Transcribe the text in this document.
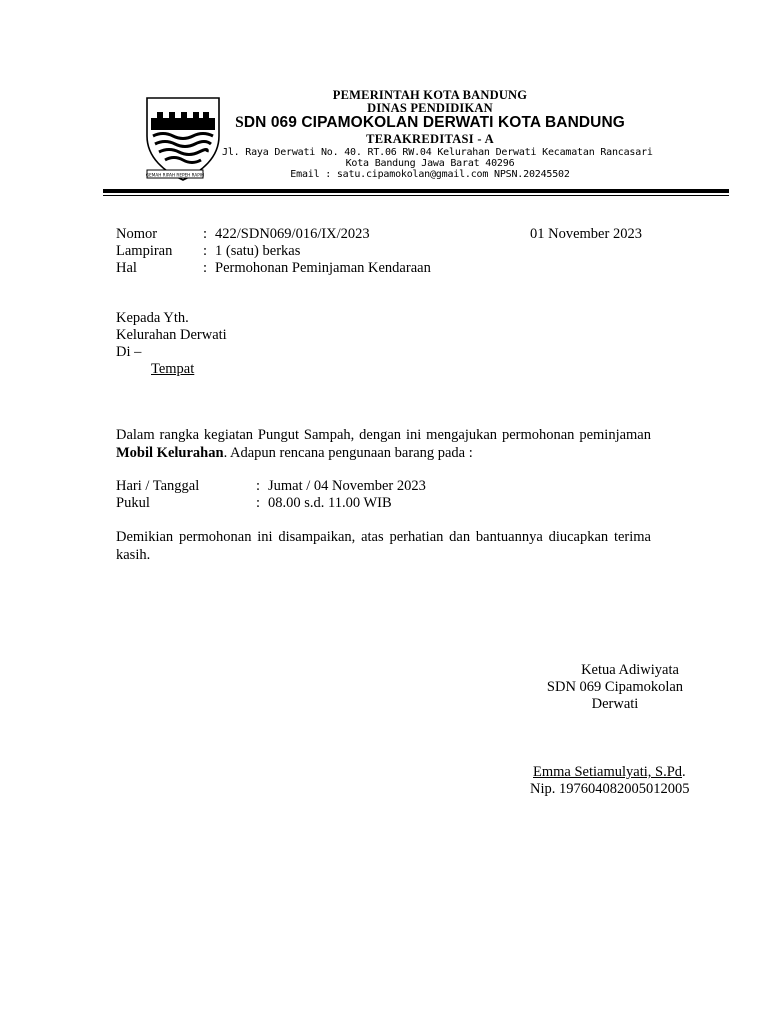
GEMAH RIPAH REPEH RAPIH
PEMERINTAH KOTA BANDUNG
DINAS PENDIDIKAN
SDN 069 CIPAMOKOLAN DERWATI KOTA BANDUNG
TERAKREDITASI - A
Jl. Raya Derwati No. 40. RT.06 RW.04 Kelurahan Derwati Kecamatan Rancasari
Kota Bandung Jawa Barat 40296
Email : satu.cipamokolan@gmail.com NPSN.20245502
Nomor	: 422/SDN069/016/IX/2023	01 November 2023
Lampiran : 1 (satu) berkas
Hal	: Permohonan Peminjaman Kendaraan
Kepada Yth.
Kelurahan Derwati
Di –
Tempat
Dalam rangka kegiatan Pungut Sampah, dengan ini mengajukan permohonan peminjaman Mobil Kelurahan. Adapun rencana pengunaan barang pada :
Hari / Tanggal	: Jumat / 04 November 2023
Pukul	: 08.00 s.d. 11.00 WIB
Demikian permohonan ini disampaikan, atas perhatian dan bantuannya diucapkan terima kasih.
Ketua Adiwiyata
SDN 069 Cipamokolan
Derwati
Emma Setiamulyati, S.Pd.
Nip. 197604082005012005
